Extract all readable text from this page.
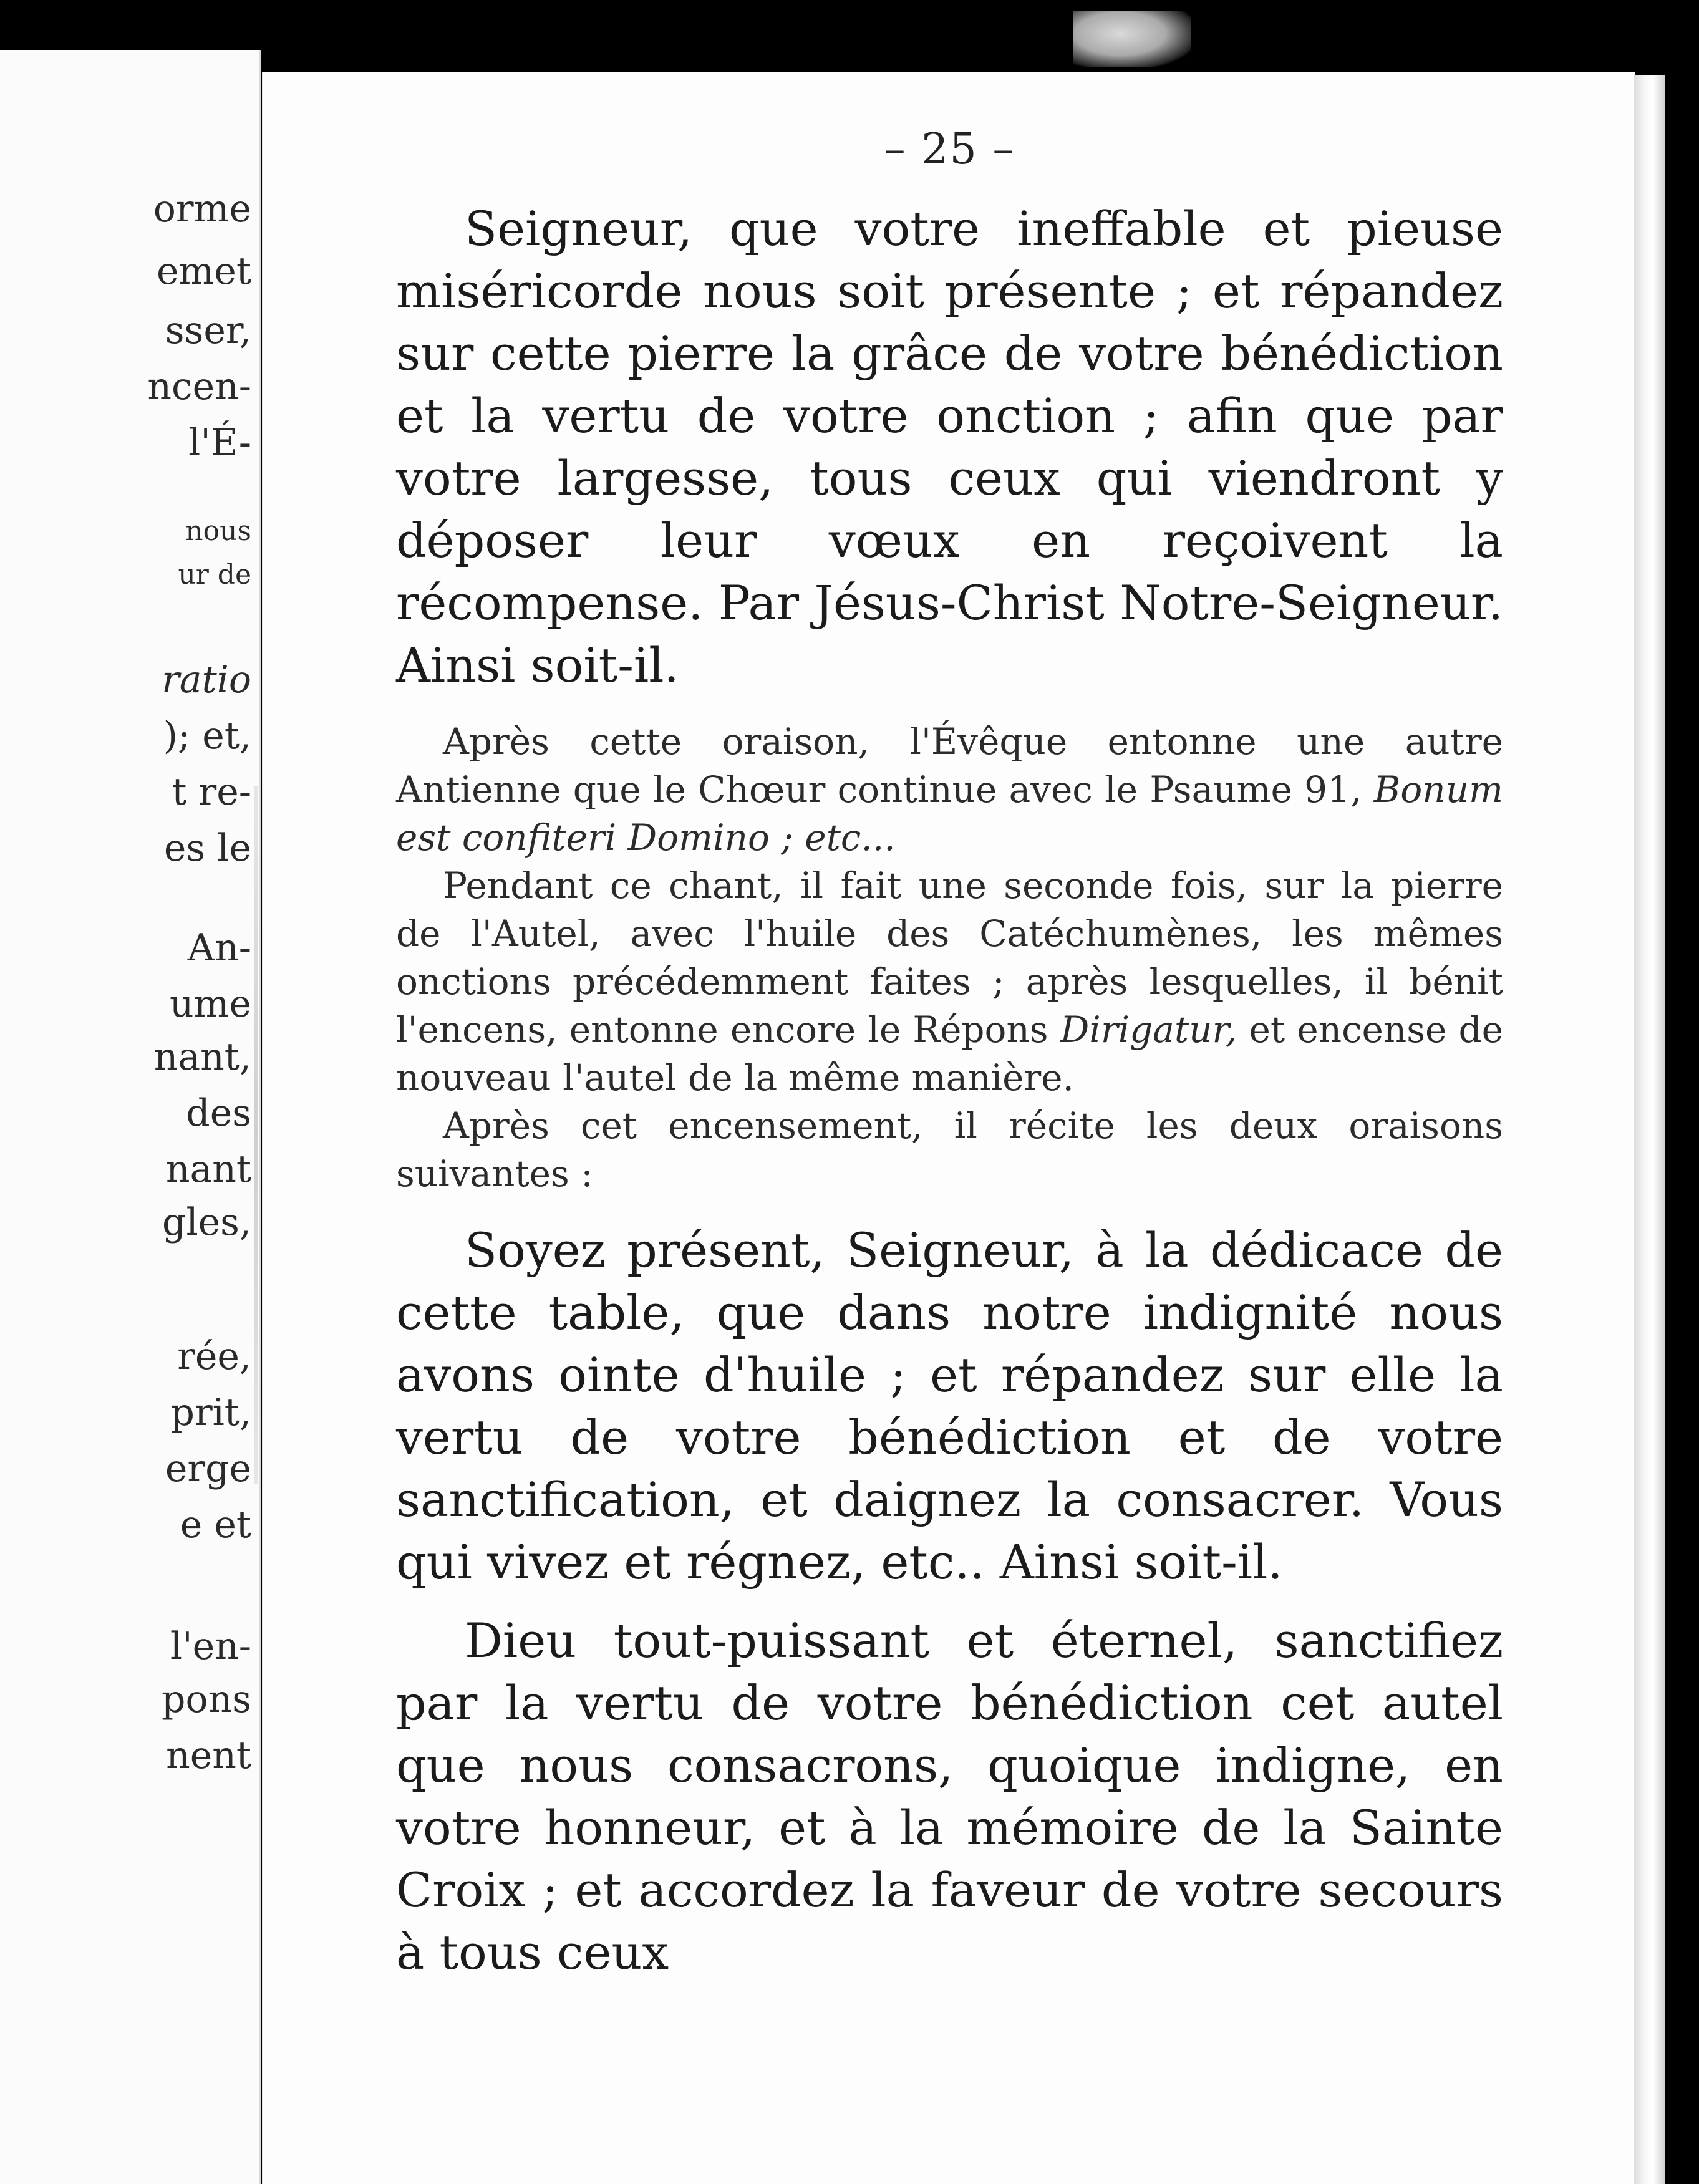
orme
emet
sser,
ncen-
l'É-
nous
ur de
ratio
); et,
t re-
es le
An-
ume
nant,
des
nant
gles,
rée,
prit,
erge
e et
l'en-
pons
nent
– 25 –

Seigneur, que votre ineffable et pieuse miséricorde nous soit présente ; et répandez sur cette pierre la grâce de votre bénédiction et la vertu de votre onction ; afin que par votre largesse, tous ceux qui viendront y déposer leur vœux en reçoivent la récompense. Par Jésus-Christ Notre-Seigneur. Ainsi soit-il.

Après cette oraison, l'Évêque entonne une autre Antienne que le Chœur continue avec le Psaume 91, Bonum est confiteri Domino ; etc...

Pendant ce chant, il fait une seconde fois, sur la pierre de l'Autel, avec l'huile des Catéchumènes, les mêmes onctions précédemment faites ; après lesquelles, il bénit l'encens, entonne encore le Répons Dirigatur, et encense de nouveau l'autel de la même manière.

Après cet encensement, il récite les deux oraisons suivantes :

Soyez présent, Seigneur, à la dédicace de cette table, que dans notre indignité nous avons ointe d'huile ; et répandez sur elle la vertu de votre bénédiction et de votre sanctification, et daignez la consacrer. Vous qui vivez et régnez, etc.. Ainsi soit-il.

Dieu tout-puissant et éternel, sanctifiez par la vertu de votre bénédiction cet autel que nous consacrons, quoique indigne, en votre honneur, et à la mémoire de la Sainte Croix ; et accordez la faveur de votre secours à tous ceux
